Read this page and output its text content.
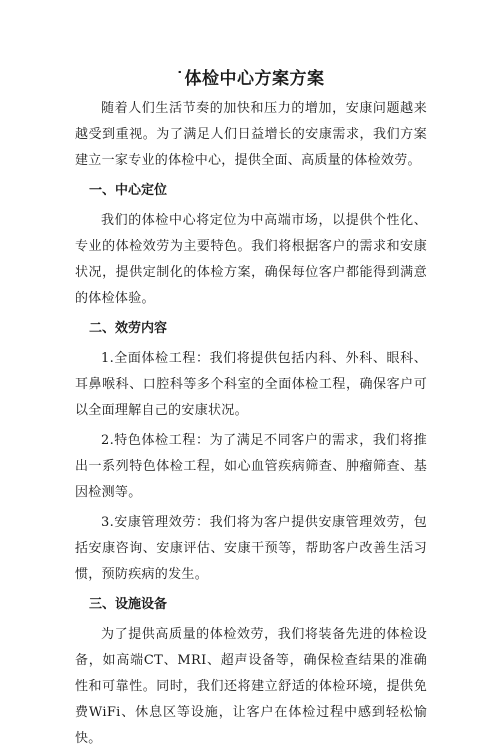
˙体检中心方案方案

随着人们生活节奏的加快和压力的增加，安康问题越来越受到重视。为了满足人们日益增长的安康需求，我们方案建立一家专业的体检中心，提供全面、高质量的体检效劳。

一、中心定位

我们的体检中心将定位为中高端市场，以提供个性化、专业的体检效劳为主要特色。我们将根据客户的需求和安康状况，提供定制化的体检方案，确保每位客户都能得到满意的体检体验。

二、效劳内容

1.全面体检工程：我们将提供包括内科、外科、眼科、耳鼻喉科、口腔科等多个科室的全面体检工程，确保客户可以全面理解自己的安康状况。

2.特色体检工程：为了满足不同客户的需求，我们将推出一系列特色体检工程，如心血管疾病筛查、肿瘤筛查、基因检测等。

3.安康管理效劳：我们将为客户提供安康管理效劳，包括安康咨询、安康评估、安康干预等，帮助客户改善生活习惯，预防疾病的发生。

三、设施设备

为了提供高质量的体检效劳，我们将装备先进的体检设备，如高端CT、MRI、超声设备等，确保检查结果的准确性和可靠性。同时，我们还将建立舒适的体检环境，提供免费WiFi、休息区等设施，让客户在体检过程中感到轻松愉快。
